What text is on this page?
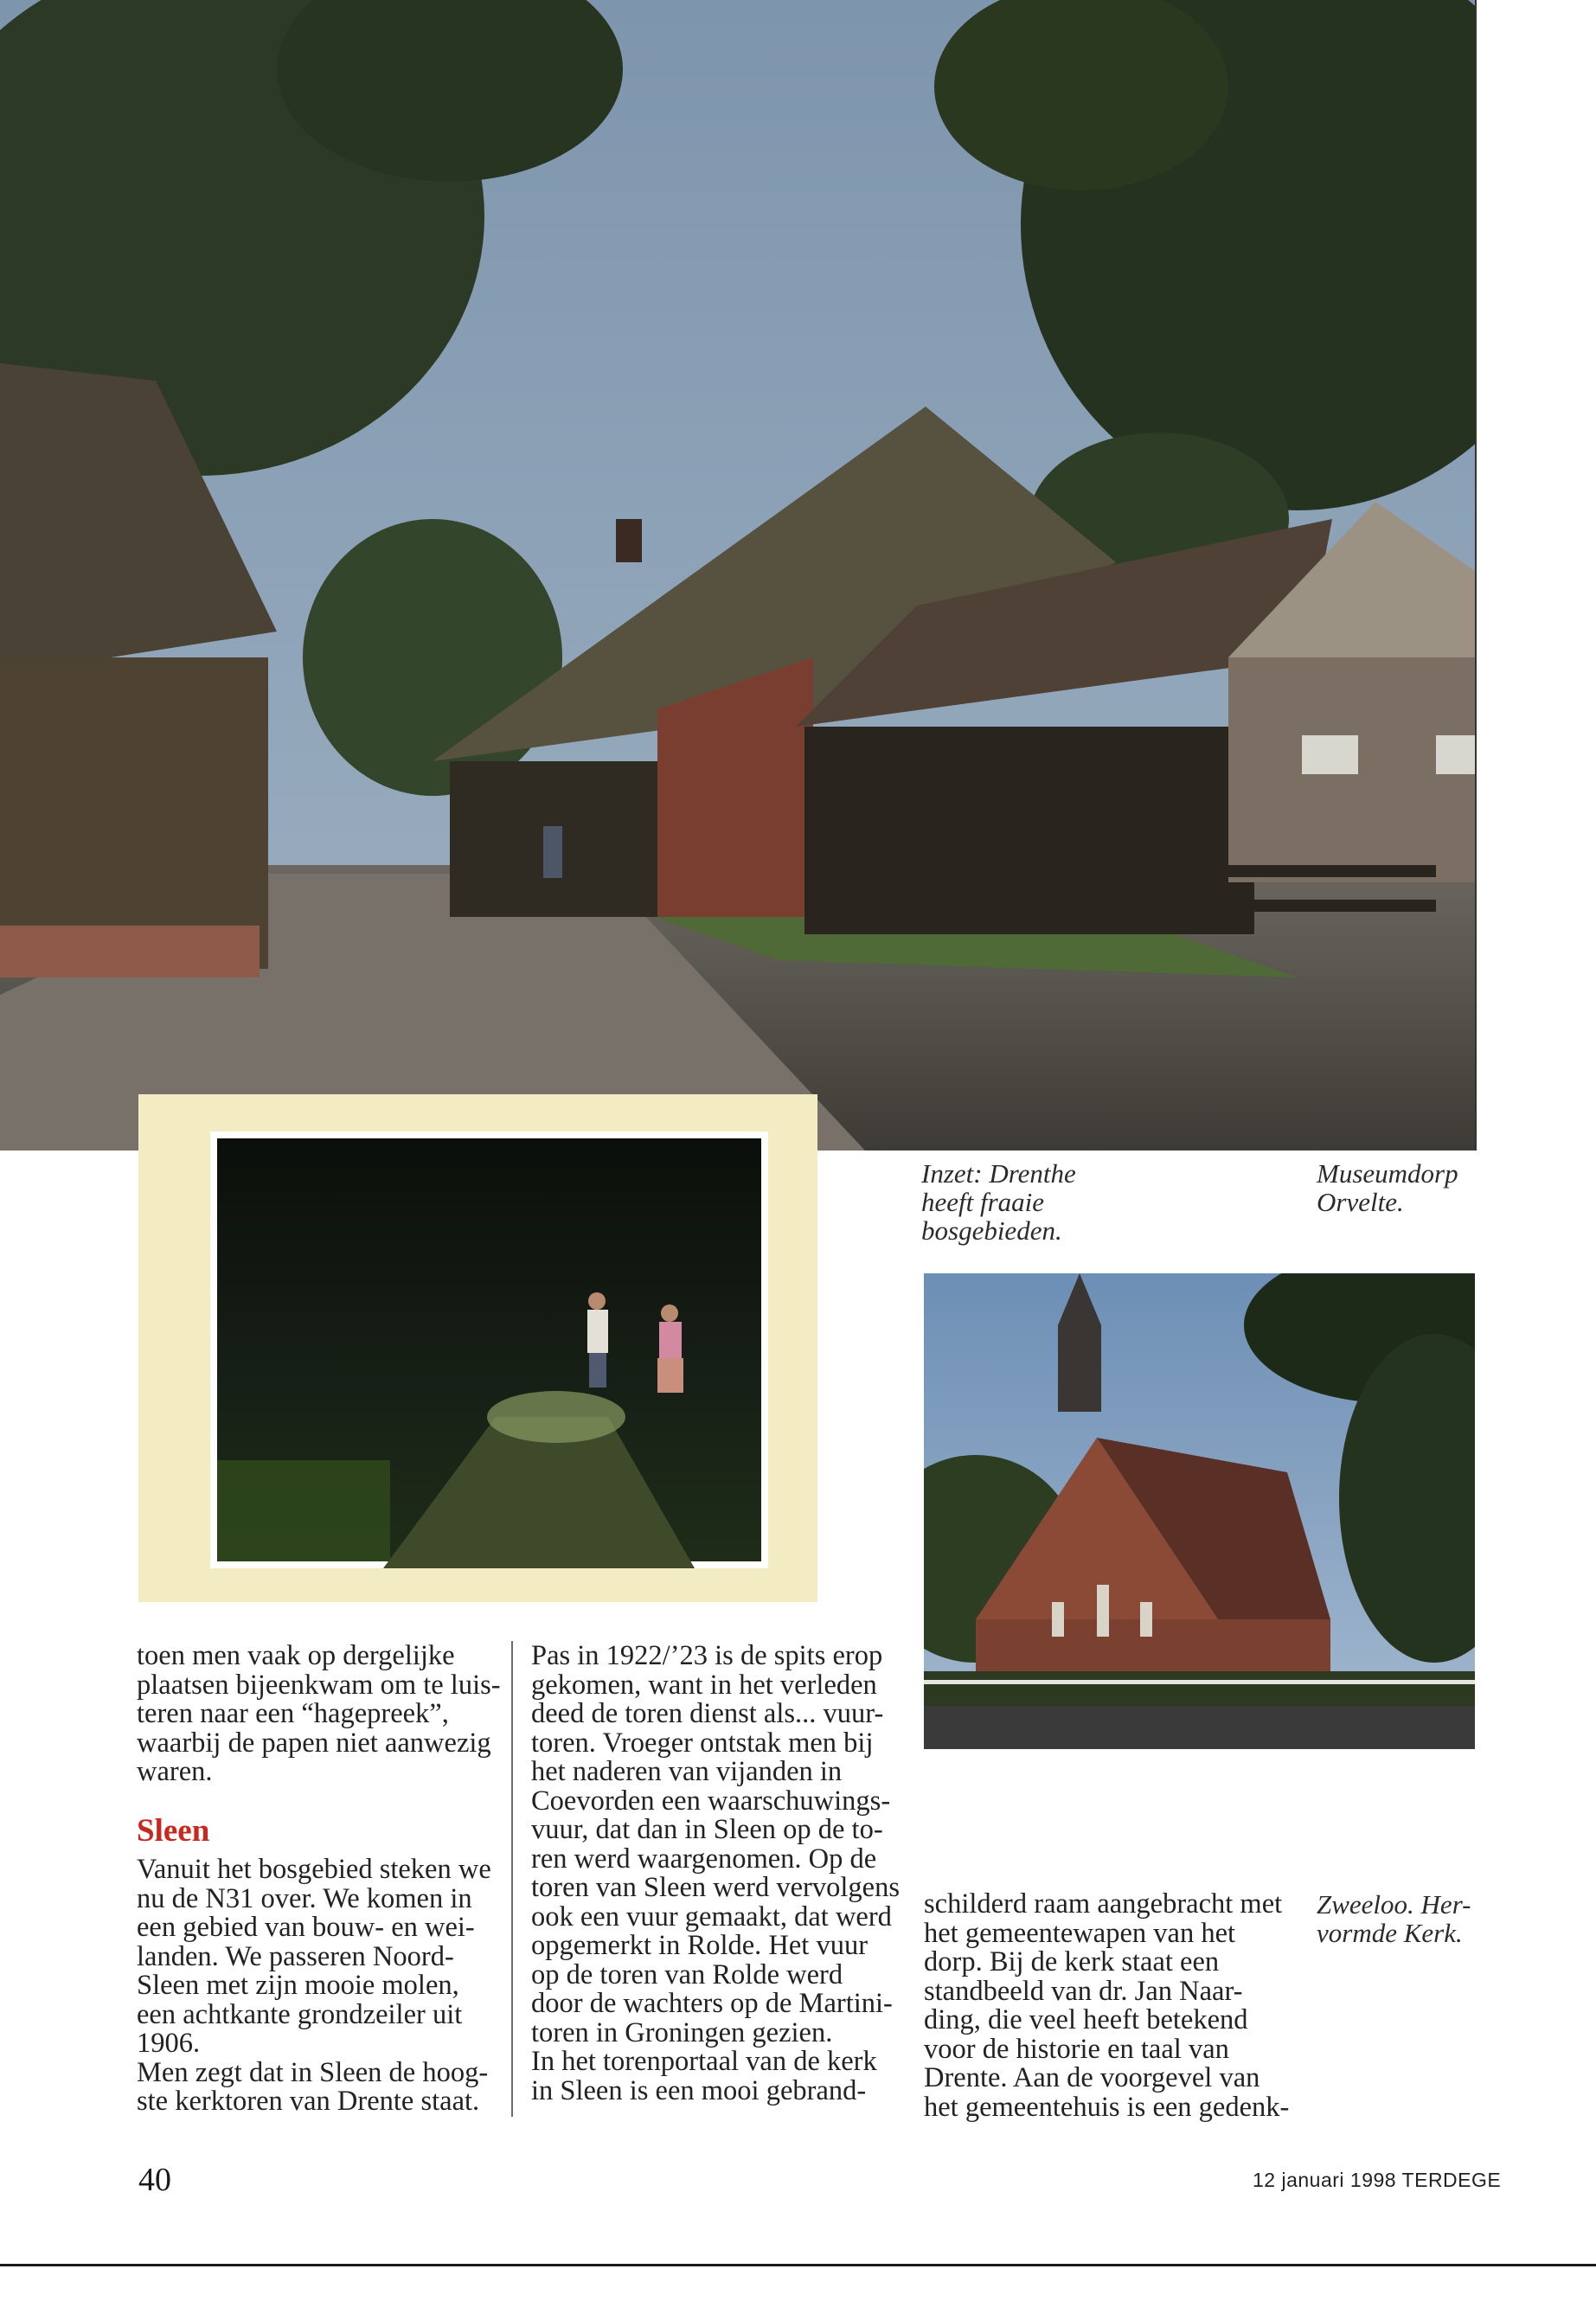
Inzet: Drenthe
heeft fraaie
bosgebieden.
Museumdorp
Orvelte.
Zweeloo. Her-
vormde Kerk.
toen men vaak op dergelijke
plaatsen bijeenkwam om te luis-
teren naar een “hagepreek”,
waarbij de papen niet aanwezig
waren.
Sleen
Vanuit het bosgebied steken we
nu de N31 over. We komen in
een gebied van bouw- en wei-
landen. We passeren Noord-
Sleen met zijn mooie molen,
een achtkante grondzeiler uit
1906.
Men zegt dat in Sleen de hoog-
ste kerktoren van Drente staat.
Pas in 1922/’23 is de spits erop
gekomen, want in het verleden
deed de toren dienst als... vuur-
toren. Vroeger ontstak men bij
het naderen van vijanden in
Coevorden een waarschuwings-
vuur, dat dan in Sleen op de to-
ren werd waargenomen. Op de
toren van Sleen werd vervolgens
ook een vuur gemaakt, dat werd
opgemerkt in Rolde. Het vuur
op de toren van Rolde werd
door de wachters op de Martini-
toren in Groningen gezien.
In het torenportaal van de kerk
in Sleen is een mooi gebrand-
schilderd raam aangebracht met
het gemeentewapen van het
dorp. Bij de kerk staat een
standbeeld van dr. Jan Naar-
ding, die veel heeft betekend
voor de historie en taal van
Drente. Aan de voorgevel van
het gemeentehuis is een gedenk-
40	12 januari 1998 TERDEGE
